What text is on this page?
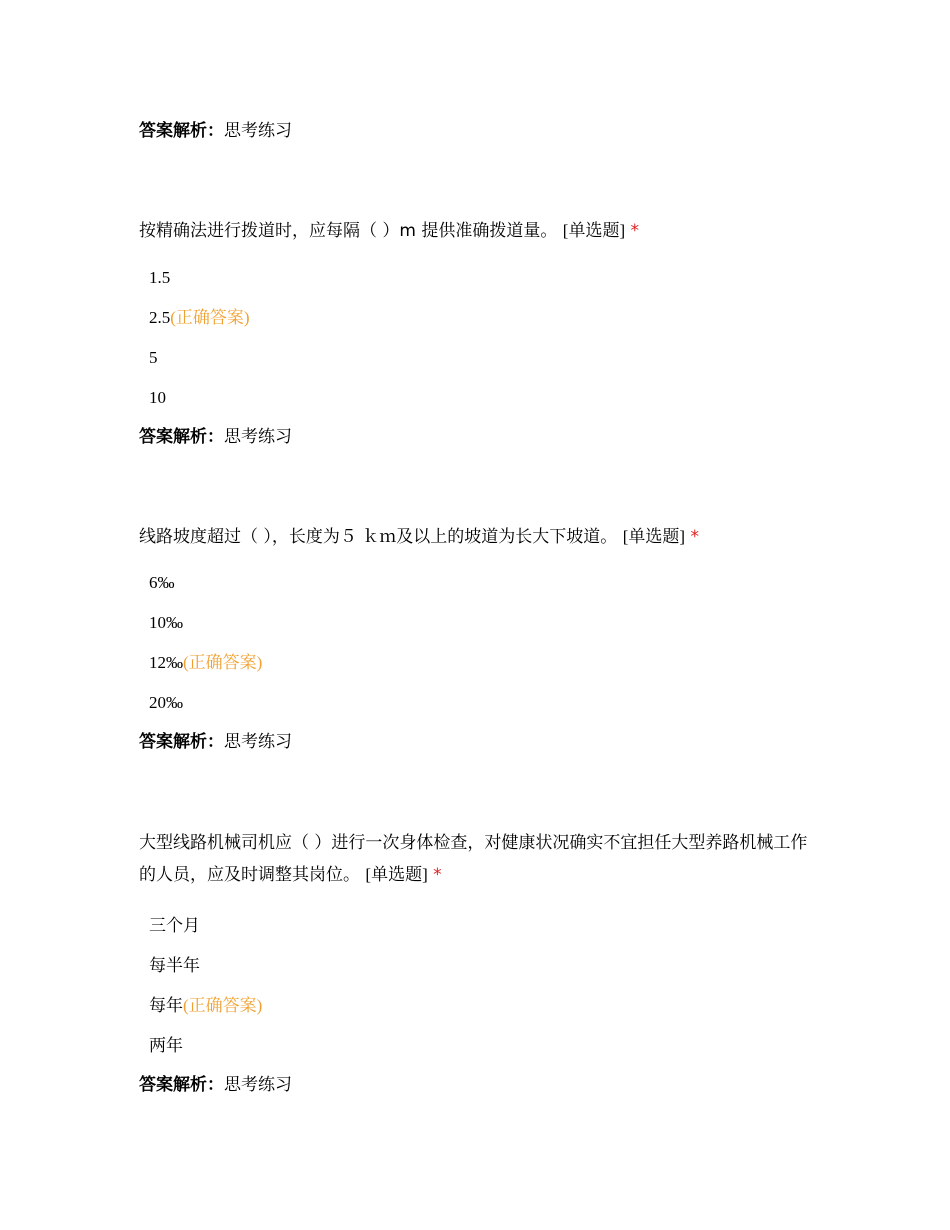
答案解析：思考练习
按精确法进行拨道时，应每隔（ ）m 提供准确拨道量。 [单选题] *
1.5
2.5(正确答案)
5
10
答案解析：思考练习
线路坡度超过（ ），长度为５ ｋｍ及以上的坡道为长大下坡道。 [单选题] *
6‰
10‰
12‰(正确答案)
20‰
答案解析：思考练习
大型线路机械司机应（ ）进行一次身体检查，对健康状况确实不宜担任大型养路机械工作的人员，应及时调整其岗位。 [单选题] *
三个月
每半年
每年(正确答案)
两年
答案解析：思考练习
